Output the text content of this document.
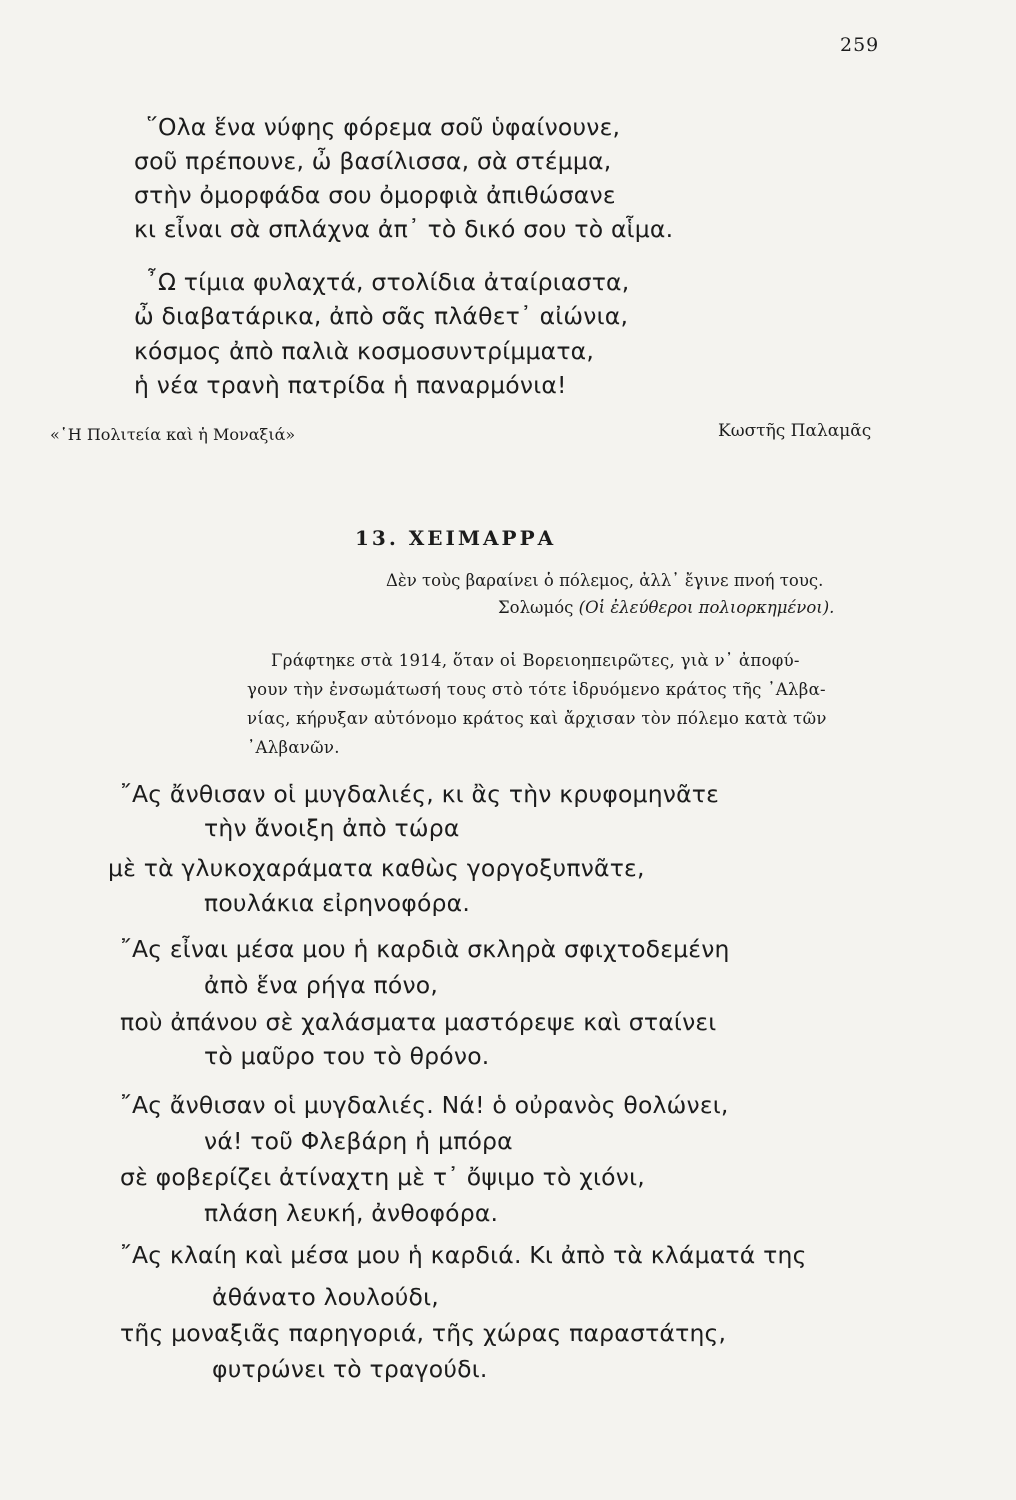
259
῞Ολα ἕνα νύφης φόρεμα σοῦ ὑφαίνουνε,
σοῦ πρέπουνε, ὦ βασίλισσα, σὰ στέμμα,
στὴν ὀμορφάδα σου ὀμορφιὰ ἀπιθώσανε
κι εἶναι σὰ σπλάχνα ἀπ᾿ τὸ δικό σου τὸ αἷμα.
῏Ω τίμια φυλαχτά, στολίδια ἀταίριαστα,
ὦ διαβατάρικα, ἀπὸ σᾶς πλάθετ᾿ αἰώνια,
κόσμος ἀπὸ παλιὰ κοσμοσυντρίμματα,
ἡ νέα τρανὴ πατρίδα ἡ παναρμόνια!
«῾Η Πολιτεία καὶ ἡ Μοναξιά»	Κωστῆς Παλαμᾶς
13. ΧΕΙΜΑΡΡΑ
Δὲν τοὺς βαραίνει ὁ πόλεμος, ἀλλ᾿ ἔγινε πνοή τους.
Σολωμός (Οἱ ἐλεύθεροι πολιορκημένοι).
Γράφτηκε στὰ 1914, ὅταν οἱ Βορειοηπειρῶτες, γιὰ ν᾿ ἀποφύ-
γουν τὴν ἐνσωμάτωσή τους στὸ τότε ἱδρυόμενο κράτος τῆς ᾿Αλβα-
νίας, κήρυξαν αὐτόνομο κράτος καὶ ἄρχισαν τὸν πόλεμο κατὰ τῶν
᾿Αλβανῶν.
῎Ας ἄνθισαν οἱ μυγδαλιές, κι ἂς τὴν κρυφομηνᾶτε
τὴν ἄνοιξη ἀπὸ τώρα
μὲ τὰ γλυκοχαράματα καθὼς γοργοξυπνᾶτε,
πουλάκια εἰρηνοφόρα.
῎Ας εἶναι μέσα μου ἡ καρδιὰ σκληρὰ σφιχτοδεμένη
ἀπὸ ἕνα ρήγα πόνο,
ποὺ ἀπάνου σὲ χαλάσματα μαστόρεψε καὶ σταίνει
τὸ μαῦρο του τὸ θρόνο.
῎Ας ἄνθισαν οἱ μυγδαλιές. Νά! ὁ οὐρανὸς θολώνει,
νά! τοῦ Φλεβάρη ἡ μπόρα
σὲ φοβερίζει ἀτίναχτη μὲ τ᾿ ὄψιμο τὸ χιόνι,
πλάση λευκή, ἀνθοφόρα.
῎Ας κλαίη καὶ μέσα μου ἡ καρδιά. Κι ἀπὸ τὰ κλάματά της
ἀθάνατο λουλούδι,
τῆς μοναξιᾶς παρηγοριά, τῆς χώρας παραστάτης,
φυτρώνει τὸ τραγούδι.
